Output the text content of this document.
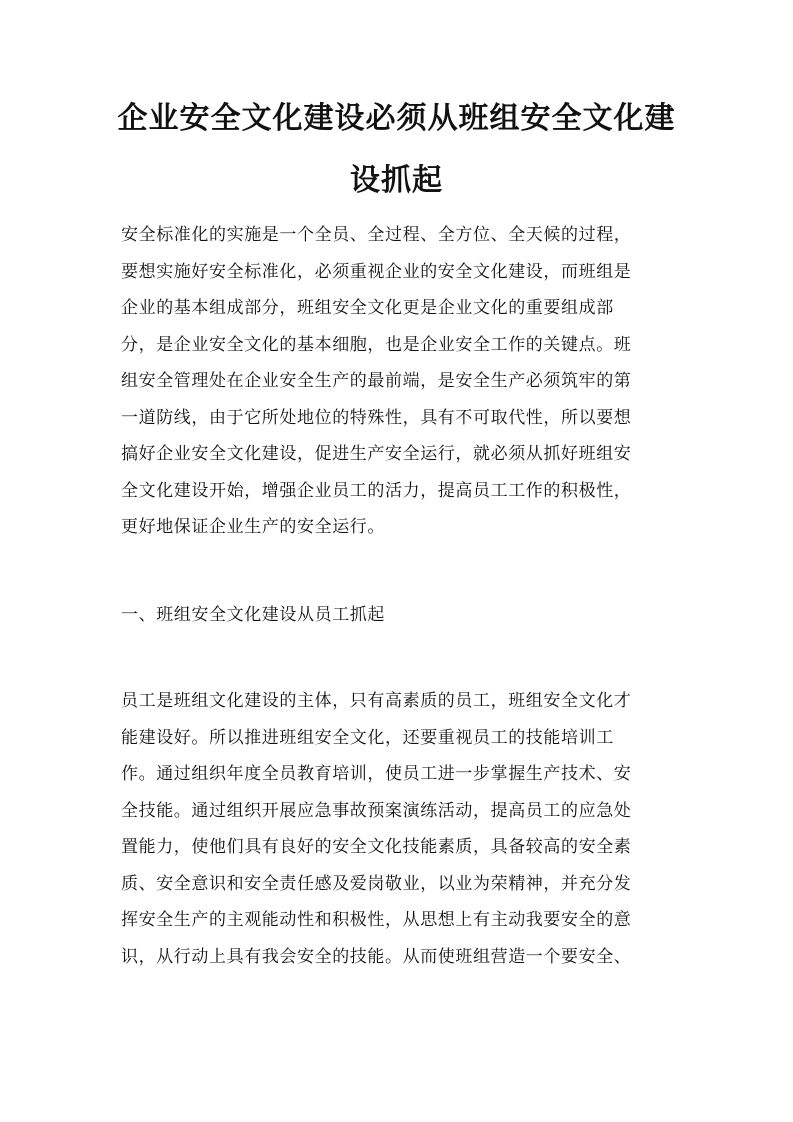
企业安全文化建设必须从班组安全文化建
设抓起
安全标准化的实施是一个全员、全过程、全方位、全天候的过程，
要想实施好安全标准化，必须重视企业的安全文化建设，而班组是
企业的基本组成部分，班组安全文化更是企业文化的重要组成部
分，是企业安全文化的基本细胞，也是企业安全工作的关键点。班
组安全管理处在企业安全生产的最前端，是安全生产必须筑牢的第
一道防线，由于它所处地位的特殊性，具有不可取代性，所以要想
搞好企业安全文化建设，促进生产安全运行，就必须从抓好班组安
全文化建设开始，增强企业员工的活力，提高员工工作的积极性，
更好地保证企业生产的安全运行。
一、班组安全文化建设从员工抓起
员工是班组文化建设的主体，只有高素质的员工，班组安全文化才
能建设好。所以推进班组安全文化，还要重视员工的技能培训工
作。通过组织年度全员教育培训，使员工进一步掌握生产技术、安
全技能。通过组织开展应急事故预案演练活动，提高员工的应急处
置能力，使他们具有良好的安全文化技能素质，具备较高的安全素
质、安全意识和安全责任感及爱岗敬业，以业为荣精神，并充分发
挥安全生产的主观能动性和积极性，从思想上有主动我要安全的意
识，从行动上具有我会安全的技能。从而使班组营造一个要安全、
